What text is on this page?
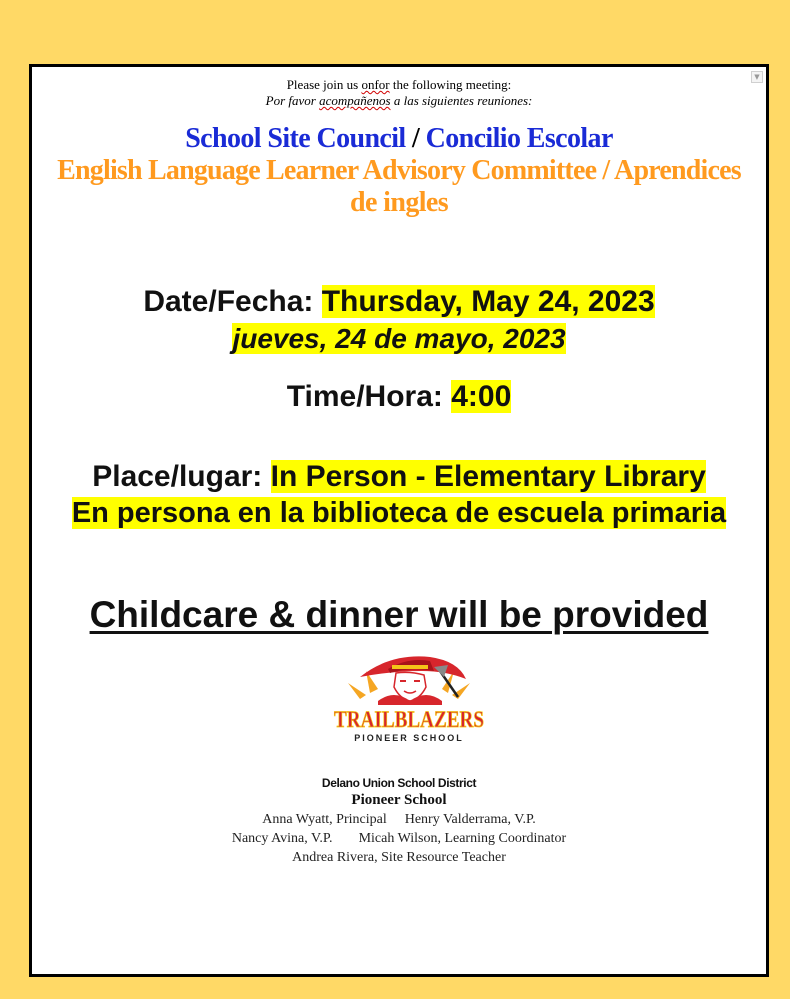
▼
Please join us onfor the following meeting:
Por favor acompañenos a las siguientes reuniones:
School Site Council / Concilio Escolar
English Language Learner Advisory Committee / Aprendices
de ingles
Date/Fecha: Thursday, May 24, 2023
jueves, 24 de mayo, 2023
Time/Hora: 4:00
Place/lugar: In Person - Elementary Library
En persona en la biblioteca de escuela primaria
Childcare & dinner will be provided
TRAILBLAZERS
PIONEER SCHOOL
Delano Union School District
Pioneer School
Anna Wyatt, Principal Henry Valderrama, V.P.
Nancy Avina, V.P. Micah Wilson, Learning Coordinator
Andrea Rivera, Site Resource Teacher
